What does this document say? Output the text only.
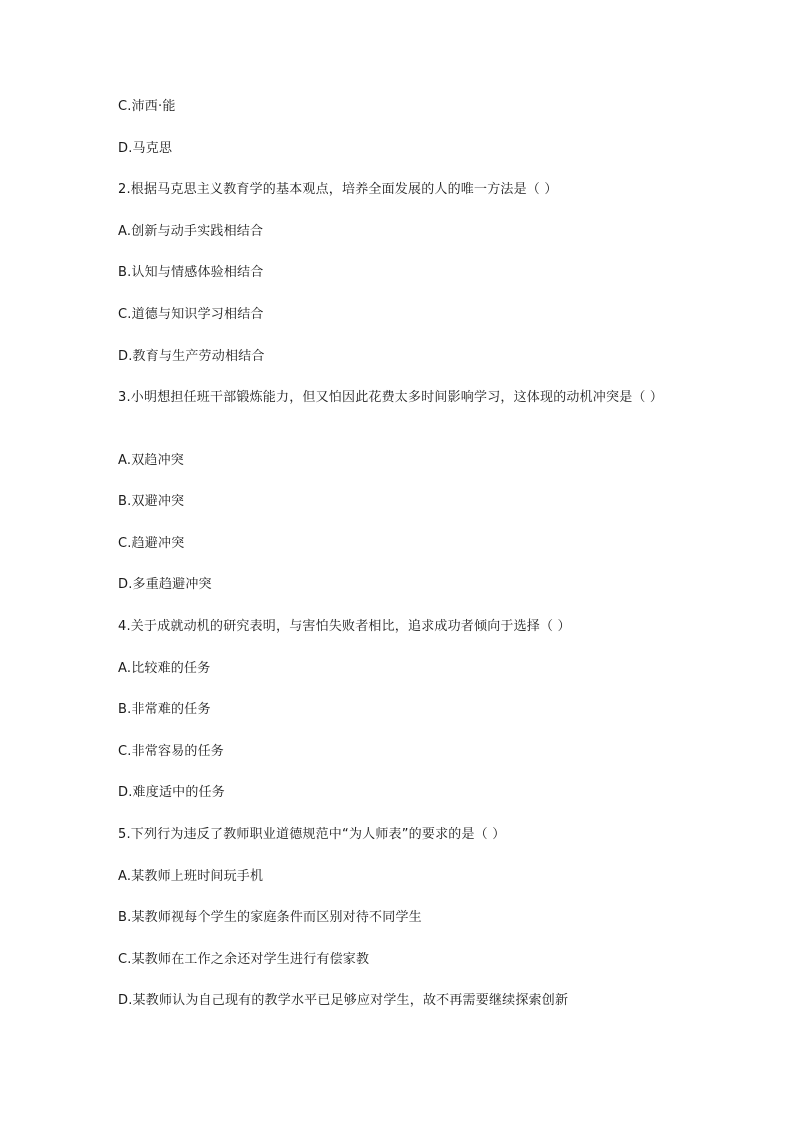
C.沛西·能
D.马克思
2.根据马克思主义教育学的基本观点，培养全面发展的人的唯一方法是（ ）
A.创新与动手实践相结合
B.认知与情感体验相结合
C.道德与知识学习相结合
D.教育与生产劳动相结合
3.小明想担任班干部锻炼能力，但又怕因此花费太多时间影响学习，这体现的动机冲突是（ ）
A.双趋冲突
B.双避冲突
C.趋避冲突
D.多重趋避冲突
4.关于成就动机的研究表明，与害怕失败者相比，追求成功者倾向于选择（ ）
A.比较难的任务
B.非常难的任务
C.非常容易的任务
D.难度适中的任务
5.下列行为违反了教师职业道德规范中“为人师表”的要求的是（ ）
A.某教师上班时间玩手机
B.某教师视每个学生的家庭条件而区别对待不同学生
C.某教师在工作之余还对学生进行有偿家教
D.某教师认为自己现有的教学水平已足够应对学生，故不再需要继续探索创新
